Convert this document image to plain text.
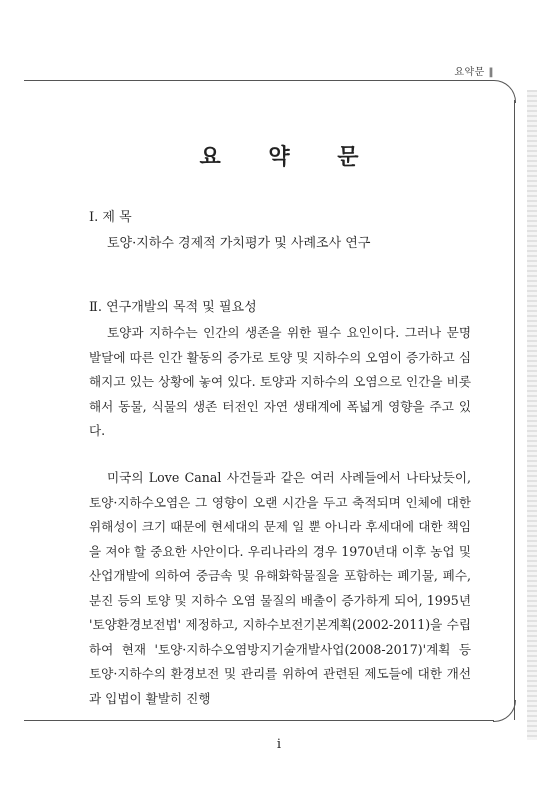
요약문 ‖
요 약 문
Ⅰ. 제 목
토양·지하수 경제적 가치평가 및 사례조사 연구
Ⅱ. 연구개발의 목적 및 필요성

토양과 지하수는 인간의 생존을 위한 필수 요인이다. 그러나 문명발달에 따른 인간 활동의 증가로 토양 및 지하수의 오염이 증가하고 심해지고 있는 상황에 놓여 있다. 토양과 지하수의 오염으로 인간을 비롯해서 동물, 식물의 생존 터전인 자연 생태계에 폭넓게 영향을 주고 있다.

미국의 Love Canal 사건들과 같은 여러 사례들에서 나타났듯이, 토양·지하수오염은 그 영향이 오랜 시간을 두고 축적되며 인체에 대한 위해성이 크기 때문에 현세대의 문제 일 뿐 아니라 후세대에 대한 책임을 져야 할 중요한 사안이다. 우리나라의 경우 1970년대 이후 농업 및 산업개발에 의하여 중금속 및 유해화학물질을 포함하는 폐기물, 폐수, 분진 등의 토양 및 지하수 오염 물질의 배출이 증가하게 되어, 1995년 '토양환경보전법' 제정하고, 지하수보전기본계획(2002-2011)을 수립하여 현재 '토양·지하수오염방지기술개발사업(2008-2017)'계획 등 토양·지하수의 환경보전 및 관리를 위하여 관련된 제도들에 대한 개선과 입법이 활발히 진행

i
